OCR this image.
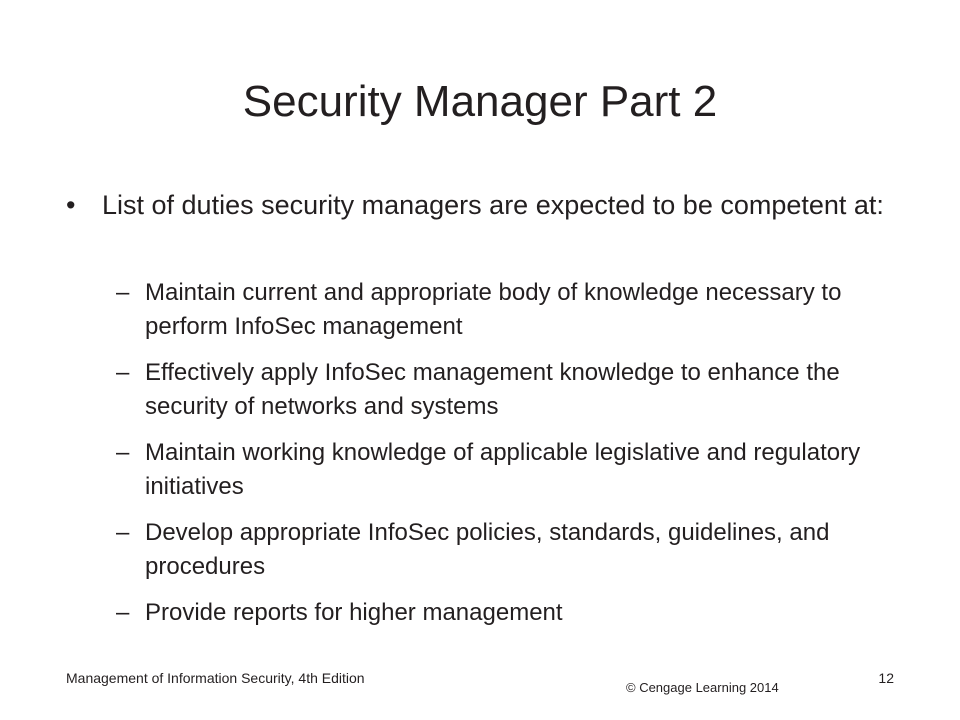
Security Manager Part 2
• List of duties security managers are expected to be competent at:
– Maintain current and appropriate body of knowledge necessary to perform InfoSec management
– Effectively apply InfoSec management knowledge to enhance the security of networks and systems
– Maintain working knowledge of applicable legislative and regulatory initiatives
– Develop appropriate InfoSec policies, standards, guidelines, and procedures
– Provide reports for higher management
Management of Information Security, 4th Edition
© Cengage Learning 2014
12
